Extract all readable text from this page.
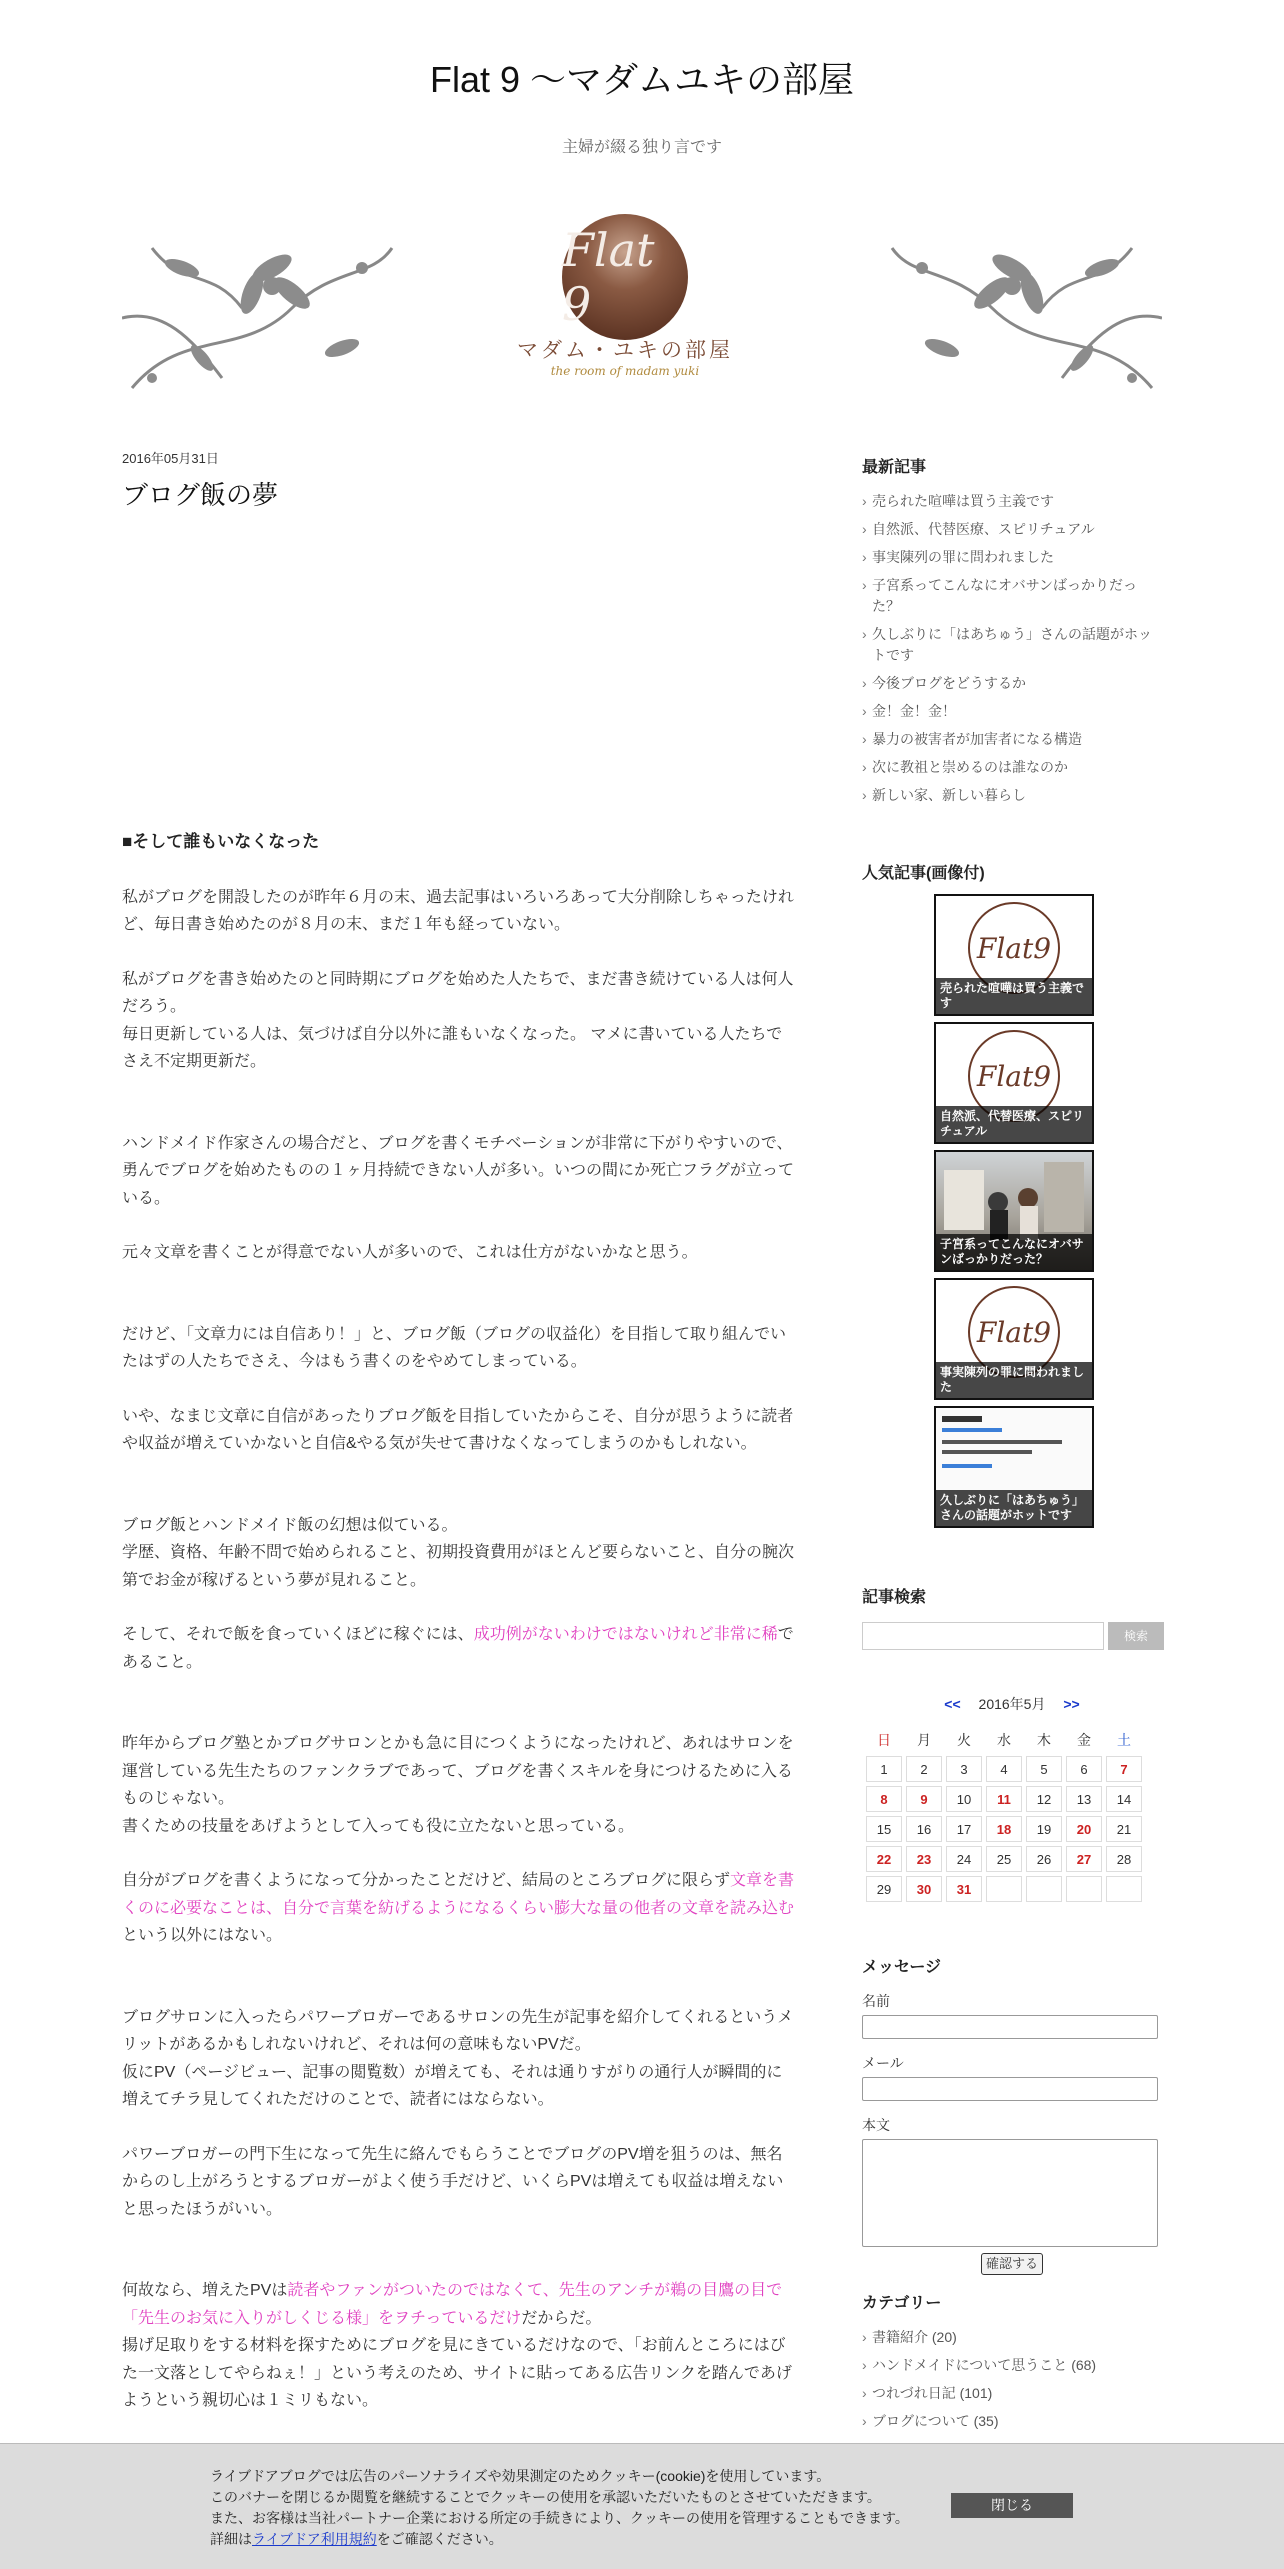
Flat 9 〜マダムユキの部屋
主婦が綴る独り言です
Flat 9
マダム・ユキの部屋
the room of madam yuki
2016年05月31日
ブログ飯の夢
■そして誰もいなくなった

私がブログを開設したのが昨年６月の末、過去記事はいろいろあって大分削除しちゃったけれど、毎日書き始めたのが８月の末、まだ１年も経っていない。

私がブログを書き始めたのと同時期にブログを始めた人たちで、まだ書き続けている人は何人だろう。

毎日更新している人は、気づけば自分以外に誰もいなくなった。 マメに書いている人たちでさえ不定期更新だ。

ハンドメイド作家さんの場合だと、ブログを書くモチベーションが非常に下がりやすいので、勇んでブログを始めたものの１ヶ月持続できない人が多い。いつの間にか死亡フラグが立っている。

元々文章を書くことが得意でない人が多いので、これは仕方がないかなと思う。

だけど、「文章力には自信あり！」と、ブログ飯（ブログの収益化）を目指して取り組んでいたはずの人たちでさえ、今はもう書くのをやめてしまっている。

いや、なまじ文章に自信があったりブログ飯を目指していたからこそ、自分が思うように読者や収益が増えていかないと自信&やる気が失せて書けなくなってしまうのかもしれない。

ブログ飯とハンドメイド飯の幻想は似ている。

学歴、資格、年齢不問で始められること、初期投資費用がほとんど要らないこと、自分の腕次第でお金が稼げるという夢が見れること。

そして、それで飯を食っていくほどに稼ぐには、成功例がないわけではないけれど非常に稀であること。

昨年からブログ塾とかブログサロンとかも急に目につくようになったけれど、あれはサロンを運営している先生たちのファンクラブであって、ブログを書くスキルを身につけるために入るものじゃない。

書くための技量をあげようとして入っても役に立たないと思っている。

自分がブログを書くようになって分かったことだけど、結局のところブログに限らず文章を書くのに必要なことは、自分で言葉を紡げるようになるくらい膨大な量の他者の文章を読み込むという以外にはない。

ブログサロンに入ったらパワーブロガーであるサロンの先生が記事を紹介してくれるというメリットがあるかもしれないけれど、それは何の意味もないPVだ。

仮にPV（ページビュー、記事の閲覧数）が増えても、それは通りすがりの通行人が瞬間的に増えてチラ見してくれただけのことで、読者にはならない。

パワーブロガーの門下生になって先生に絡んでもらうことでブログのPV増を狙うのは、無名からのし上がろうとするブロガーがよく使う手だけど、いくらPVは増えても収益は増えないと思ったほうがいい。

何故なら、増えたPVは読者やファンがついたのではなくて、先生のアンチが鵜の目鷹の目で「先生のお気に入りがしくじる様」をヲチっているだけだからだ。

揚げ足取りをする材料を探すためにブログを見にきているだけなので、「お前んところにはびた一文落としてやらねぇ！」という考えのため、サイトに貼ってある広告リンクを踏んであげようという親切心は１ミリもない。

最新記事
› 売られた喧嘩は買う主義です
› 自然派、代替医療、スピリチュアル
› 事実陳列の罪に問われました
› 子宮系ってこんなにオバサンばっかりだった？
› 久しぶりに「はあちゅう」さんの話題がホットです
› 今後ブログをどうするか
› 金！金！金！
› 暴力の被害者が加害者になる構造
› 次に教祖と崇めるのは誰なのか
› 新しい家、新しい暮らし
人気記事(画像付)
Flat9
売られた喧嘩は買う主義です
Flat9
自然派、代替医療、スピリチュアル
子宮系ってこんなにオバサンばっかりだった？
Flat9
事実陳列の罪に問われました
久しぶりに「はあちゅう」さんの話題がホットです
記事検索
検索
<< 2016年5月 >>
日	月	火	水	木	金	土
1	2	3	4	5	6	7
8	9	10	11	12	13	14
15	16	17	18	19	20	21
22	23	24	25	26	27	28
29	30	31				
メッセージ
名前
メール
本文
確認する
カテゴリー
› 書籍紹介 (20)
› ハンドメイドについて思うこと (68)
› つれづれ日記 (101)
› ブログについて (35)
ライブドアブログでは広告のパーソナライズや効果測定のためクッキー(cookie)を使用しています。
このバナーを閉じるか閲覧を継続することでクッキーの使用を承認いただいたものとさせていただきます。
また、お客様は当社パートナー企業における所定の手続きにより、クッキーの使用を管理することもできます。
詳細はライブドア利用規約をご確認ください。
閉じる
